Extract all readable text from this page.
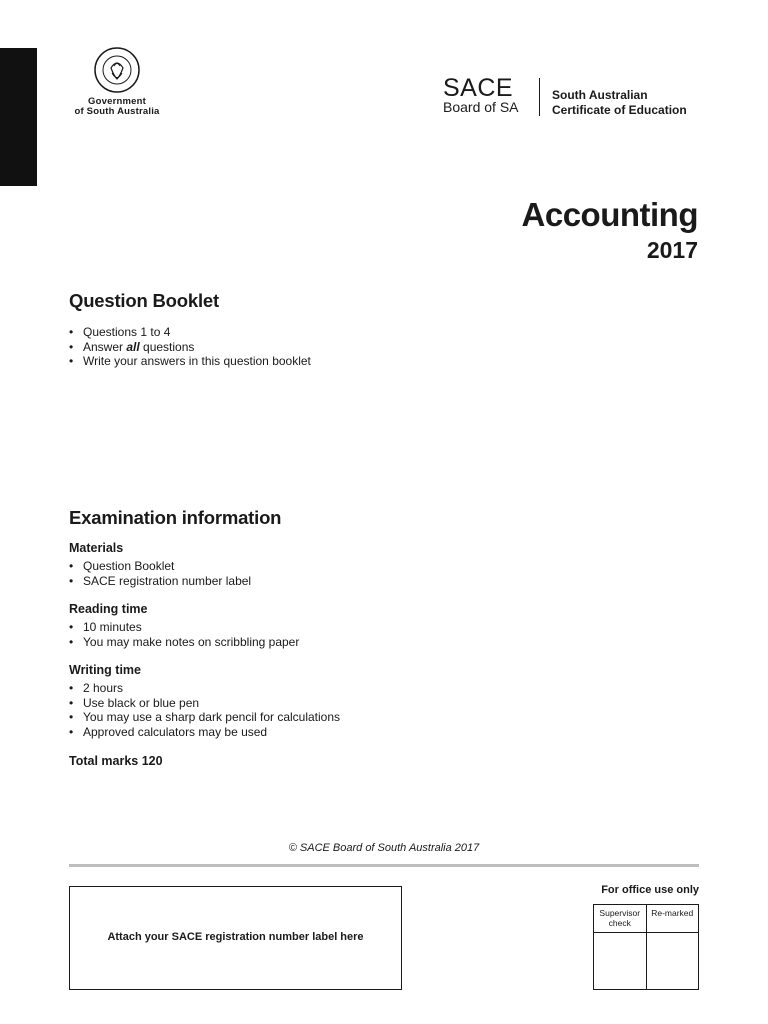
Government
of South Australia
SACE
Board of SA
South Australian
Certificate of Education
Accounting
2017
Question Booklet
• Questions 1 to 4
• Answer all questions
• Write your answers in this question booklet
Examination information
Materials
• Question Booklet
• SACE registration number label
Reading time
• 10 minutes
• You may make notes on scribbling paper
Writing time
• 2 hours
• Use black or blue pen
• You may use a sharp dark pencil for calculations
• Approved calculators may be used
Total marks 120
© SACE Board of South Australia 2017
Attach your SACE registration number label here
For office use only
Supervisor check	Re-marked
